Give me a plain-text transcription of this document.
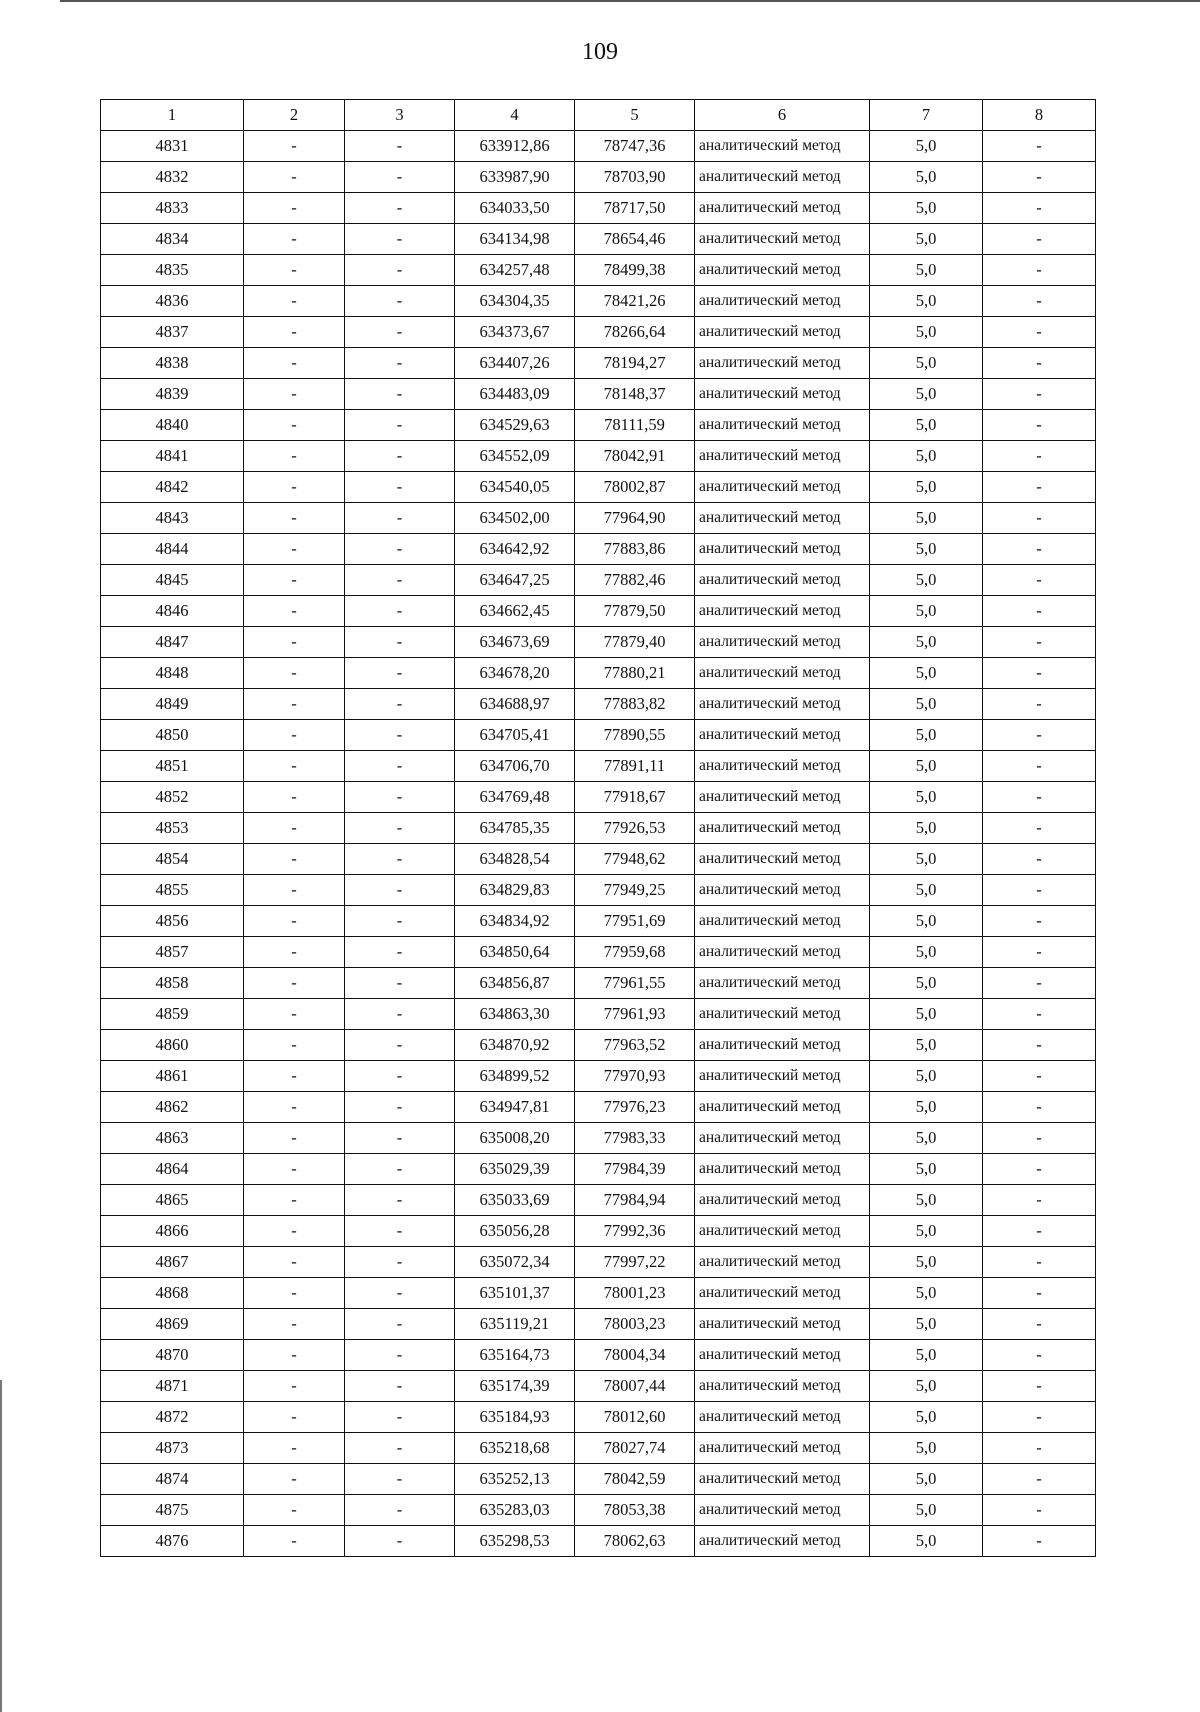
109
1	2	3	4	5	6	7	8
4831	-	-	633912,86	78747,36	аналитический метод	5,0	-
4832	-	-	633987,90	78703,90	аналитический метод	5,0	-
4833	-	-	634033,50	78717,50	аналитический метод	5,0	-
4834	-	-	634134,98	78654,46	аналитический метод	5,0	-
4835	-	-	634257,48	78499,38	аналитический метод	5,0	-
4836	-	-	634304,35	78421,26	аналитический метод	5,0	-
4837	-	-	634373,67	78266,64	аналитический метод	5,0	-
4838	-	-	634407,26	78194,27	аналитический метод	5,0	-
4839	-	-	634483,09	78148,37	аналитический метод	5,0	-
4840	-	-	634529,63	78111,59	аналитический метод	5,0	-
4841	-	-	634552,09	78042,91	аналитический метод	5,0	-
4842	-	-	634540,05	78002,87	аналитический метод	5,0	-
4843	-	-	634502,00	77964,90	аналитический метод	5,0	-
4844	-	-	634642,92	77883,86	аналитический метод	5,0	-
4845	-	-	634647,25	77882,46	аналитический метод	5,0	-
4846	-	-	634662,45	77879,50	аналитический метод	5,0	-
4847	-	-	634673,69	77879,40	аналитический метод	5,0	-
4848	-	-	634678,20	77880,21	аналитический метод	5,0	-
4849	-	-	634688,97	77883,82	аналитический метод	5,0	-
4850	-	-	634705,41	77890,55	аналитический метод	5,0	-
4851	-	-	634706,70	77891,11	аналитический метод	5,0	-
4852	-	-	634769,48	77918,67	аналитический метод	5,0	-
4853	-	-	634785,35	77926,53	аналитический метод	5,0	-
4854	-	-	634828,54	77948,62	аналитический метод	5,0	-
4855	-	-	634829,83	77949,25	аналитический метод	5,0	-
4856	-	-	634834,92	77951,69	аналитический метод	5,0	-
4857	-	-	634850,64	77959,68	аналитический метод	5,0	-
4858	-	-	634856,87	77961,55	аналитический метод	5,0	-
4859	-	-	634863,30	77961,93	аналитический метод	5,0	-
4860	-	-	634870,92	77963,52	аналитический метод	5,0	-
4861	-	-	634899,52	77970,93	аналитический метод	5,0	-
4862	-	-	634947,81	77976,23	аналитический метод	5,0	-
4863	-	-	635008,20	77983,33	аналитический метод	5,0	-
4864	-	-	635029,39	77984,39	аналитический метод	5,0	-
4865	-	-	635033,69	77984,94	аналитический метод	5,0	-
4866	-	-	635056,28	77992,36	аналитический метод	5,0	-
4867	-	-	635072,34	77997,22	аналитический метод	5,0	-
4868	-	-	635101,37	78001,23	аналитический метод	5,0	-
4869	-	-	635119,21	78003,23	аналитический метод	5,0	-
4870	-	-	635164,73	78004,34	аналитический метод	5,0	-
4871	-	-	635174,39	78007,44	аналитический метод	5,0	-
4872	-	-	635184,93	78012,60	аналитический метод	5,0	-
4873	-	-	635218,68	78027,74	аналитический метод	5,0	-
4874	-	-	635252,13	78042,59	аналитический метод	5,0	-
4875	-	-	635283,03	78053,38	аналитический метод	5,0	-
4876	-	-	635298,53	78062,63	аналитический метод	5,0	-
